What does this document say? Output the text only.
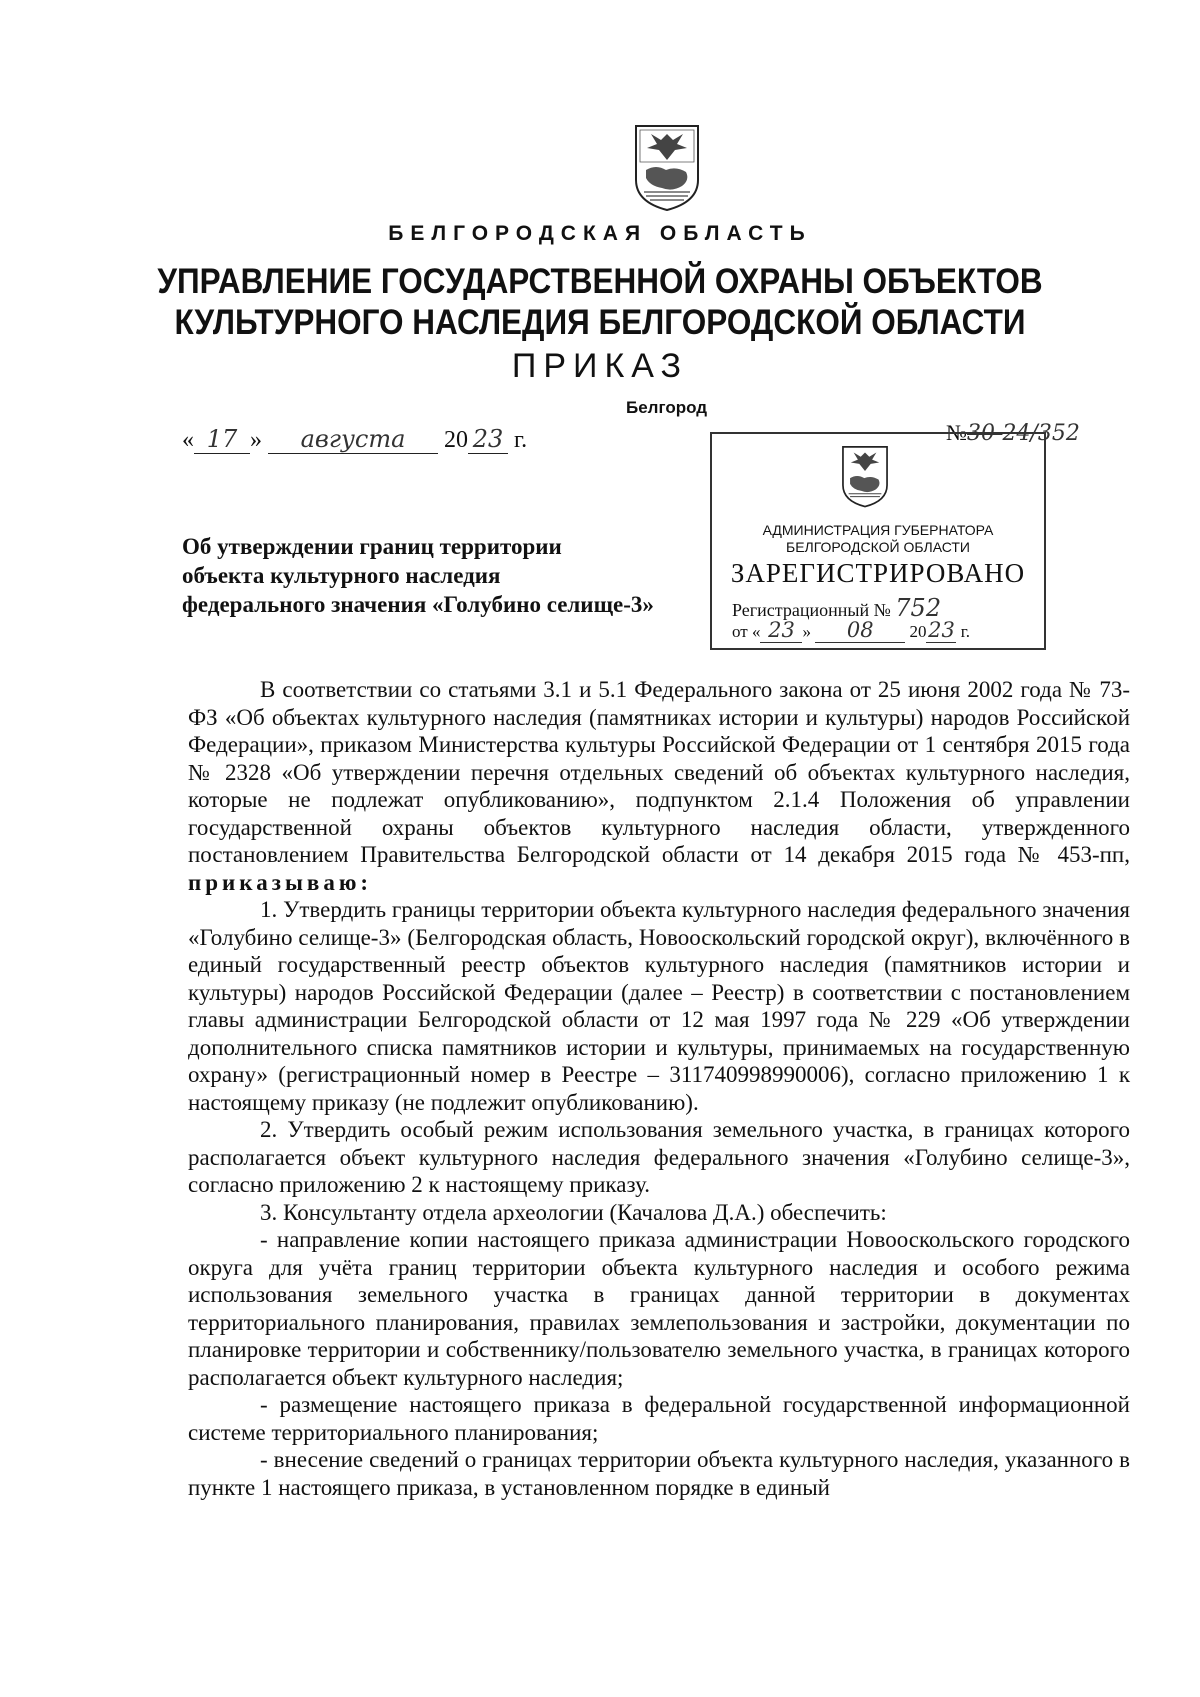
БЕЛГОРОДСКАЯ ОБЛАСТЬ
УПРАВЛЕНИЕ ГОСУДАРСТВЕННОЙ ОХРАНЫ ОБЪЕКТОВ
КУЛЬТУРНОГО НАСЛЕДИЯ БЕЛГОРОДСКОЙ ОБЛАСТИ
ПРИКАЗ
Белгород
« 17 » августа 20 23 г.	№30-24/352
АДМИНИСТРАЦИЯ ГУБЕРНАТОРА
БЕЛГОРОДСКОЙ ОБЛАСТИ
ЗАРЕГИСТРИРОВАНО
Регистрационный № 752
от « 23 » 08 2023 г.
Об утверждении границ территории
объекта культурного наследия
федерального значения «Голубино селище-3»

В соответствии со статьями 3.1 и 5.1 Федерального закона от 25 июня 2002 года № 73-ФЗ «Об объектах культурного наследия (памятниках истории и культуры) народов Российской Федерации», приказом Министерства культуры Российской Федерации от 1 сентября 2015 года № 2328 «Об утверждении перечня отдельных сведений об объектах культурного наследия, которые не подлежат опубликованию», подпунктом 2.1.4 Положения об управлении государственной охраны объектов культурного наследия области, утвержденного постановлением Правительства Белгородской области от 14 декабря 2015 года № 453-пп, приказываю:

1. Утвердить границы территории объекта культурного наследия федерального значения «Голубино селище-3» (Белгородская область, Новооскольский городской округ), включённого в единый государственный реестр объектов культурного наследия (памятников истории и культуры) народов Российской Федерации (далее – Реестр) в соответствии с постановлением главы администрации Белгородской области от 12 мая 1997 года № 229 «Об утверждении дополнительного списка памятников истории и культуры, принимаемых на государственную охрану» (регистрационный номер в Реестре – 311740998990006), согласно приложению 1 к настоящему приказу (не подлежит опубликованию).

2. Утвердить особый режим использования земельного участка, в границах которого располагается объект культурного наследия федерального значения «Голубино селище-3», согласно приложению 2 к настоящему приказу.

3. Консультанту отдела археологии (Качалова Д.А.) обеспечить:

- направление копии настоящего приказа администрации Новооскольского городского округа для учёта границ территории объекта культурного наследия и особого режима использования земельного участка в границах данной территории в документах территориального планирования, правилах землепользования и застройки, документации по планировке территории и собственнику/пользователю земельного участка, в границах которого располагается объект культурного наследия;

- размещение настоящего приказа в федеральной государственной информационной системе территориального планирования;

- внесение сведений о границах территории объекта культурного наследия, указанного в пункте 1 настоящего приказа, в установленном порядке в единый
